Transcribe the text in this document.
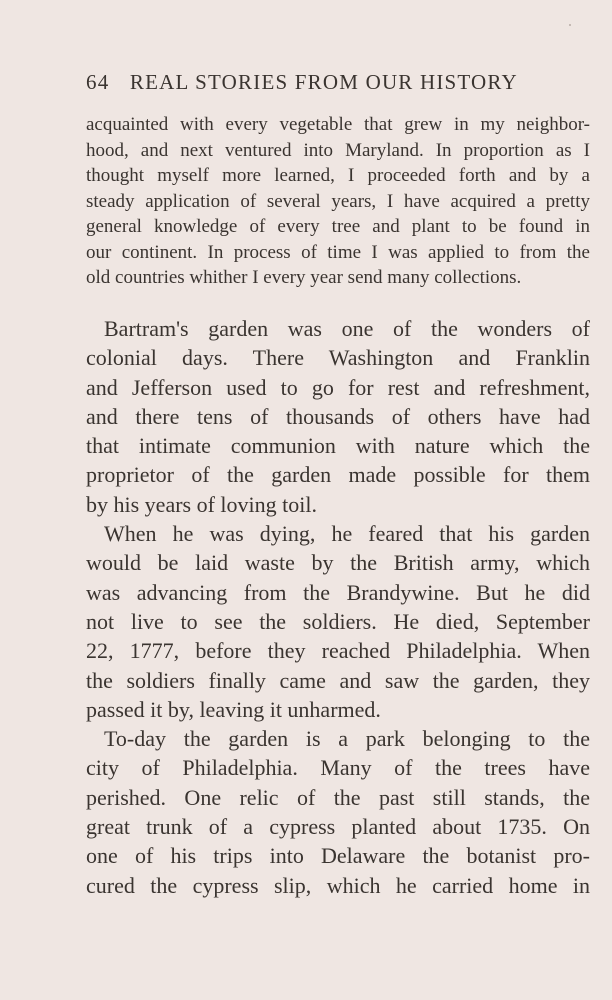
64 REAL STORIES FROM OUR HISTORY
acquainted with every vegetable that grew in my neighbor-
hood, and next ventured into Maryland. In proportion as I
thought myself more learned, I proceeded forth and by a
steady application of several years, I have acquired a pretty
general knowledge of every tree and plant to be found in
our continent. In process of time I was applied to from the
old countries whither I every year send many collections.
Bartram's garden was one of the wonders of
colonial days. There Washington and Franklin
and Jefferson used to go for rest and refreshment,
and there tens of thousands of others have had
that intimate communion with nature which the
proprietor of the garden made possible for them
by his years of loving toil.
When he was dying, he feared that his garden
would be laid waste by the British army, which
was advancing from the Brandywine. But he did
not live to see the soldiers. He died, September
22, 1777, before they reached Philadelphia. When
the soldiers finally came and saw the garden, they
passed it by, leaving it unharmed.
To-day the garden is a park belonging to the
city of Philadelphia. Many of the trees have
perished. One relic of the past still stands, the
great trunk of a cypress planted about 1735. On
one of his trips into Delaware the botanist pro-
cured the cypress slip, which he carried home in
